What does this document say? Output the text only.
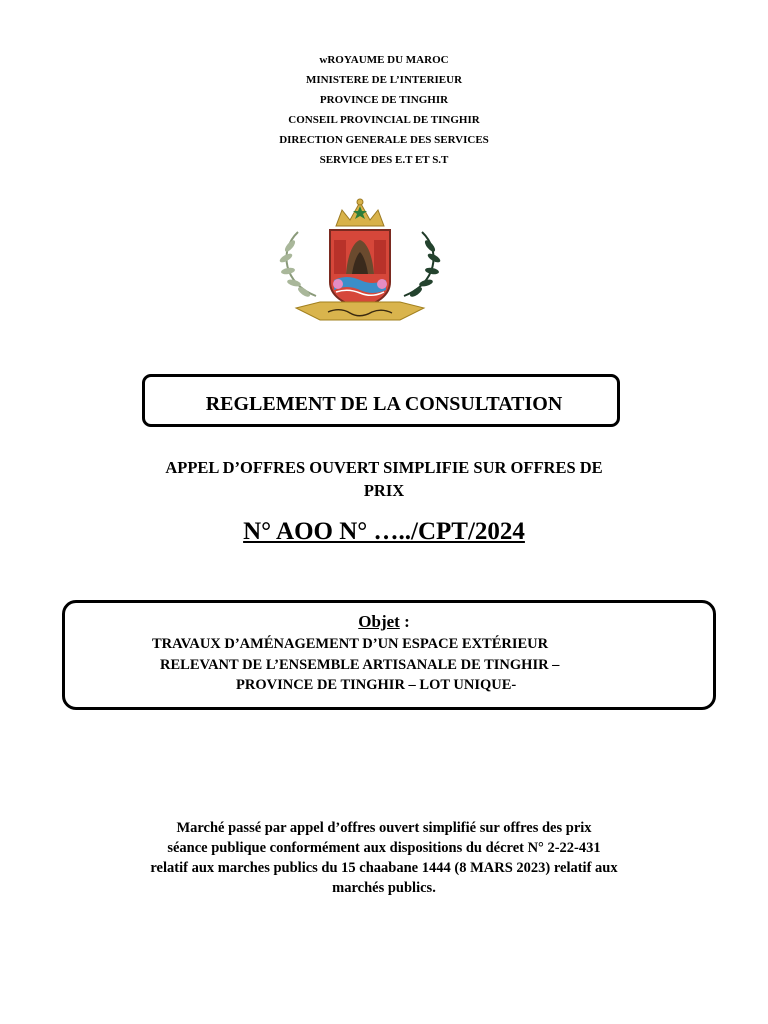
wROYAUME DU MAROC
MINISTERE DE L’INTERIEUR
PROVINCE DE TINGHIR
CONSEIL PROVINCIAL DE TINGHIR
DIRECTION GENERALE DES SERVICES
SERVICE DES E.T ET S.T
REGLEMENT DE LA CONSULTATION
APPEL D’OFFRES OUVERT SIMPLIFIE SUR OFFRES DE
PRIX
N° AOO N° …../CPT/2024
Objet :
TRAVAUX D’AMÉNAGEMENT D’UN ESPACE EXTÉRIEUR
RELEVANT DE L’ENSEMBLE ARTISANALE DE TINGHIR –
PROVINCE DE TINGHIR – LOT UNIQUE-
Marché passé par appel d’offres ouvert simplifié sur offres des prix
séance publique conformément aux dispositions du décret N° 2-22-431
relatif aux marches publics du 15 chaabane 1444 (8 MARS 2023) relatif aux
marchés publics.
